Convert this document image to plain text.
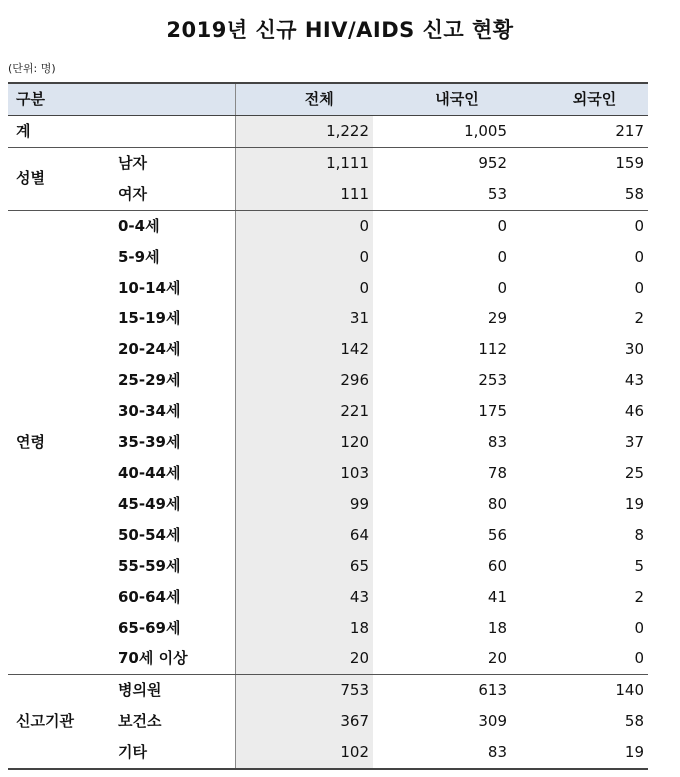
2019년 신규 HIV/AIDS 신고 현황
(단위: 명)
구분		전체	내국인	외국인
계		1,222	1,005	217
성별	남자	1,111	952	159
	여자	111	53	58
연령	0-4세	0	0	0
	5-9세	0	0	0
	10-14세	0	0	0
	15-19세	31	29	2
	20-24세	142	112	30
	25-29세	296	253	43
	30-34세	221	175	46
	35-39세	120	83	37
	40-44세	103	78	25
	45-49세	99	80	19
	50-54세	64	56	8
	55-59세	65	60	5
	60-64세	43	41	2
	65-69세	18	18	0
	70세 이상	20	20	0
신고기관	병의원	753	613	140
	보건소	367	309	58
	기타	102	83	19
